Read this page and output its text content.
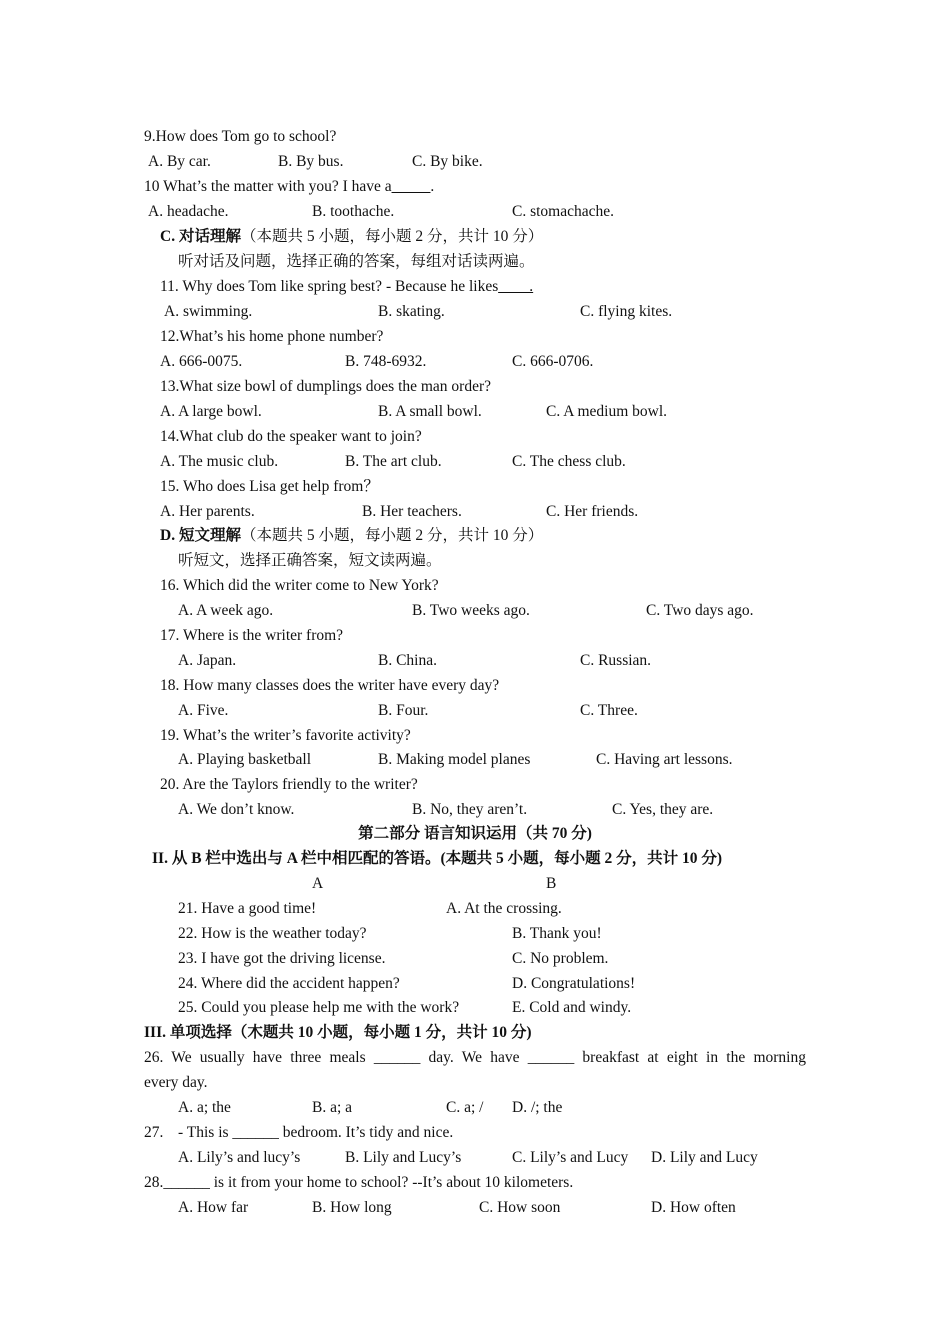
9.How does Tom go to school?
A. By car.	B. By bus.	C. By bike.
10 What’s the matter with you? I have a_____.
A. headache.	B. toothache.	C. stomachache.
C. 对话理解（本题共 5 小题，每小题 2 分，共计 10 分）
听对话及问题，选择正确的答案，每组对话读两遍。
11. Why does Tom like spring best? - Because he likes____.
A. swimming.	B. skating.	C. flying kites.
12.What’s his home phone number?
A. 666-0075.	B. 748-6932.	C. 666-0706.
13.What size bowl of dumplings does the man order?
A. A large bowl.	B. A small bowl.	C. A medium bowl.
14.What club do the speaker want to join?
A. The music club.	B. The art club.	C. The chess club.
15. Who does Lisa get help from？
A. Her parents.	B. Her teachers.	C. Her friends.
D. 短文理解（本题共 5 小题，每小题 2 分，共计 10 分）
听短文，选择正确答案，短文读两遍。
16. Which did the writer come to New York?
A. A week ago.	B. Two weeks ago.	C. Two days ago.
17. Where is the writer from?
A. Japan.	B. China.	C. Russian.
18. How many classes does the writer have every day?
A. Five.	B. Four.	C. Three.
19. What’s the writer’s favorite activity?
A. Playing basketball	B. Making model planes	C. Having art lessons.
20. Are the Taylors friendly to the writer?
A. We don’t know.	B. No, they aren’t.	C. Yes, they are.
第二部分 语言知识运用（共 70 分)
II. 从 B 栏中选出与 A 栏中相匹配的答语。(本题共 5 小题，每小题 2 分，共计 10 分)
A	B
21. Have a good time!	A. At the crossing.
22. How is the weather today?	B. Thank you!
23. I have got the driving license.	C. No problem.
24. Where did the accident happen?	D. Congratulations!
25. Could you please help me with the work?	E. Cold and windy.
III. 单项选择（木题共 10 小题，每小题 1 分，共计 10 分)
26. We usually have three meals ______ day. We have ______ breakfast at eight in the morning
every day.
A. a; the	B. a; a	C. a; / D. /; the
27. - This is ______ bedroom. It’s tidy and nice.
A. Lily’s and lucy’s	B. Lily and Lucy’s	C. Lily’s and Lucy D. Lily and Lucy
28.______ is it from your home to school? --It’s about 10 kilometers.
A. How far	B. How long	C. How soon	D. How often
